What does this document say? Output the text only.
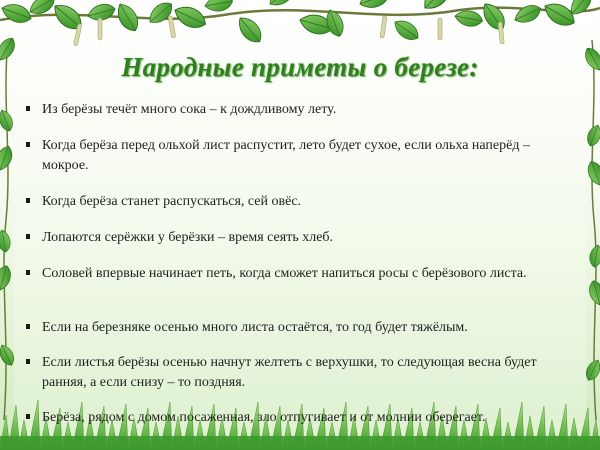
Народные приметы о березе:
Из берёзы течёт много сока – к дождливому лету.
Когда берёза перед ольхой лист распустит, лето будет сухое, если ольха наперёд – мокрое.
Когда берёза станет распускаться, сей овёс.
Лопаются серёжки у берёзки – время сеять хлеб.
Соловей впервые начинает петь, когда сможет напиться росы с берёзового листа.
Если на березняке осенью много листа остаётся, то год будет тяжёлым.
Если листья берёзы осенью начнут желтеть с верхушки, то следующая весна будет ранняя, а если снизу – то поздняя.
Берёза, рядом с домом посаженная, зло отпугивает и от молнии оберегает.
